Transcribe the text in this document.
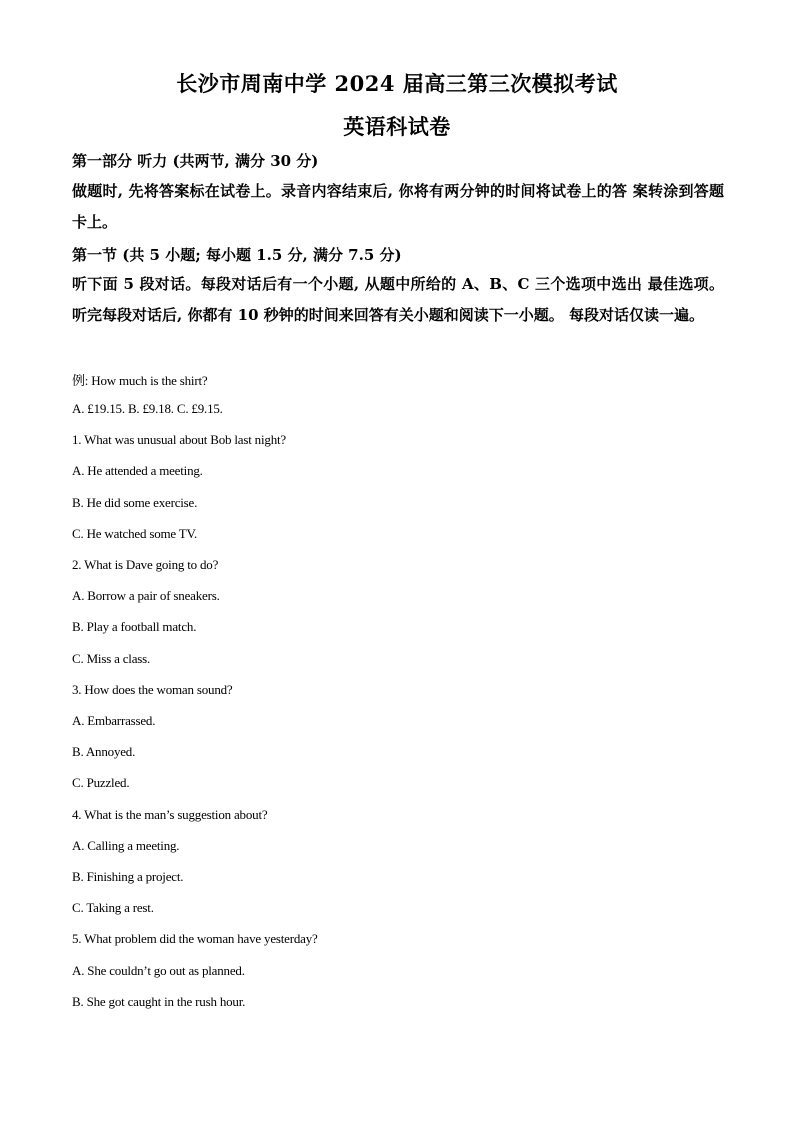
长沙市周南中学 2024 届高三第三次模拟考试
英语科试卷
第一部分 听力 (共两节, 满分 30 分)
做题时, 先将答案标在试卷上。录音内容结束后, 你将有两分钟的时间将试卷上的答 案转涂到答题卡上。
第一节 (共 5 小题; 每小题 1.5 分, 满分 7.5 分)
听下面 5 段对话。每段对话后有一个小题, 从题中所给的 A、B、C 三个选项中选出 最佳选项。听完每段对话后, 你都有 10 秒钟的时间来回答有关小题和阅读下一小题。 每段对话仅读一遍。
例: How much is the shirt?
A. £19.15. B. £9.18. C. £9.15.
1. What was unusual about Bob last night?
A. He attended a meeting.
B. He did some exercise.
C. He watched some TV.
2. What is Dave going to do?
A. Borrow a pair of sneakers.
B. Play a football match.
C. Miss a class.
3. How does the woman sound?
A. Embarrassed.
B. Annoyed.
C. Puzzled.
4. What is the man’s suggestion about?
A. Calling a meeting.
B. Finishing a project.
C. Taking a rest.
5. What problem did the woman have yesterday?
A. She couldn’t go out as planned.
B. She got caught in the rush hour.
